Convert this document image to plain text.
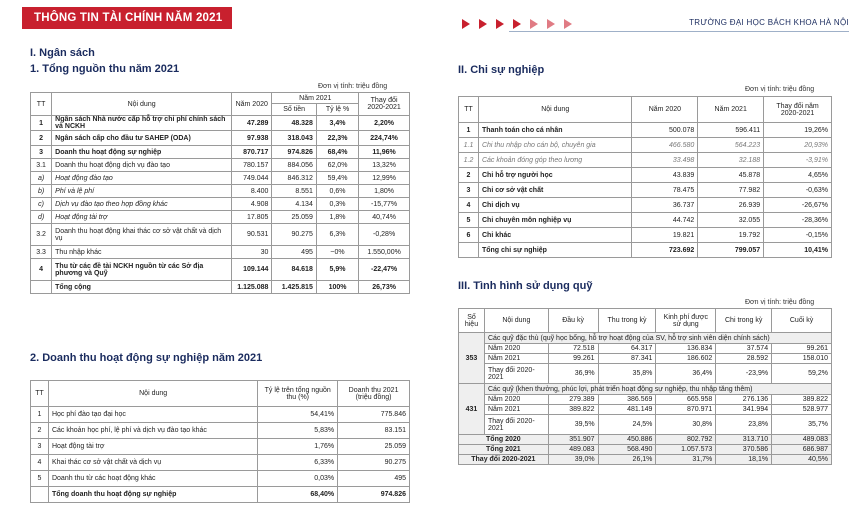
THÔNG TIN TÀI CHÍNH NĂM 2021	TRƯỜNG ĐẠI HỌC BÁCH KHOA HÀ NỘI
I. Ngân sách
1. Tổng nguồn thu năm 2021
Đơn vị tính: triệu đồng
TT	Nội dung	Năm 2020	Năm 2021		Thay đổi 2020-2021
			Số tiền	Tỷ lệ %	
1	Ngân sách Nhà nước cấp hỗ trợ chi phí chính sách và NCKH	47.289	48.328	3,4%	2,20%
2	Ngân sách cấp cho đầu tư SAHEP (ODA)	97.938	318.043	22,3%	224,74%
3	Doanh thu hoạt động sự nghiệp	870.717	974.826	68,4%	11,96%
3.1	Doanh thu hoạt động dịch vụ đào tạo	780.157	884.056	62,0%	13,32%
a)	Hoạt động đào tạo	749.044	846.312	59,4%	12,99%
b)	Phí và lệ phí	8.400	8.551	0,6%	1,80%
c)	Dịch vụ đào tạo theo hợp đồng khác	4.908	4.134	0,3%	-15,77%
d)	Hoạt động tài trợ	17.805	25.059	1,8%	40,74%
3.2	Doanh thu hoạt động khai thác cơ sở vật chất và dịch vụ	90.531	90.275	6,3%	-0,28%
3.3	Thu nhập khác	30	495	~0%	1.550,00%
4	Thu từ các đề tài NCKH nguồn từ các Sở địa phương và Quỹ	109.144	84.618	5,9%	-22,47%
	Tổng cộng	1.125.088	1.425.815	100%	26,73%
2. Doanh thu hoạt động sự nghiệp năm 2021
TT	Nội dung	Tỷ lệ trên tổng nguồn thu (%)	Doanh thu 2021
(triệu đồng)
1	Học phí đào tạo đại học	54,41%	775.846
2	Các khoản học phí, lệ phí và dịch vụ đào tạo khác	5,83%	83.151
3	Hoạt động tài trợ	1,76%	25.059
4	Khai thác cơ sở vật chất và dịch vụ	6,33%	90.275
5	Doanh thu từ các hoạt động khác	0,03%	495
	Tổng doanh thu hoạt động sự nghiệp	68,40%	974.826
II. Chi sự nghiệp
Đơn vị tính: triệu đồng
TT	Nội dung	Năm 2020	Năm 2021	Thay đổi năm 2020-2021
1	Thanh toán cho cá nhân	500.078	596.411	19,26%
1.1	Chi thu nhập cho cán bộ, chuyên gia	466.580	564.223	20,93%
1.2	Các khoản đóng góp theo lương	33.498	32.188	-3,91%
2	Chi hỗ trợ người học	43.839	45.878	4,65%
3	Chi cơ sở vật chất	78.475	77.982	-0,63%
4	Chi dịch vụ	36.737	26.939	-26,67%
5	Chi chuyên môn nghiệp vụ	44.742	32.055	-28,36%
6	Chi khác	19.821	19.792	-0,15%
	Tổng chi sự nghiệp	723.692	799.057	10,41%
III. Tình hình sử dụng quỹ
Đơn vị tính: triệu đồng
Số hiệu	Nội dung	Đầu kỳ	Thu trong kỳ	Kinh phí được sử dụng	Chi trong kỳ	Cuối kỳ
353	Các quỹ đặc thù (quỹ học bổng, hỗ trợ hoạt động của SV, hỗ trợ sinh viên diện chính sách)					
	Năm 2020	72.518	64.317	136.834	37.574	99.261
	Năm 2021	99.261	87.341	186.602	28.592	158.010
	Thay đổi 2020-2021	36,9%	35,8%	36,4%	-23,9%	59,2%
431	Các quỹ (khen thưởng, phúc lợi, phát triển hoạt động sự nghiệp, thu nhập tăng thêm)					
	Năm 2020	279.389	386.569	665.958	276.136	389.822
	Năm 2021	389.822	481.149	870.971	341.994	528.977
	Thay đổi 2020-2021	39,5%	24,5%	30,8%	23,8%	35,7%
Tổng 2020		351.907	450.886	802.792	313.710	489.083
Tổng 2021		489.083	568.490	1.057.573	370.586	686.987
Thay đổi 2020-2021		39,0%	26,1%	31,7%	18,1%	40,5%
